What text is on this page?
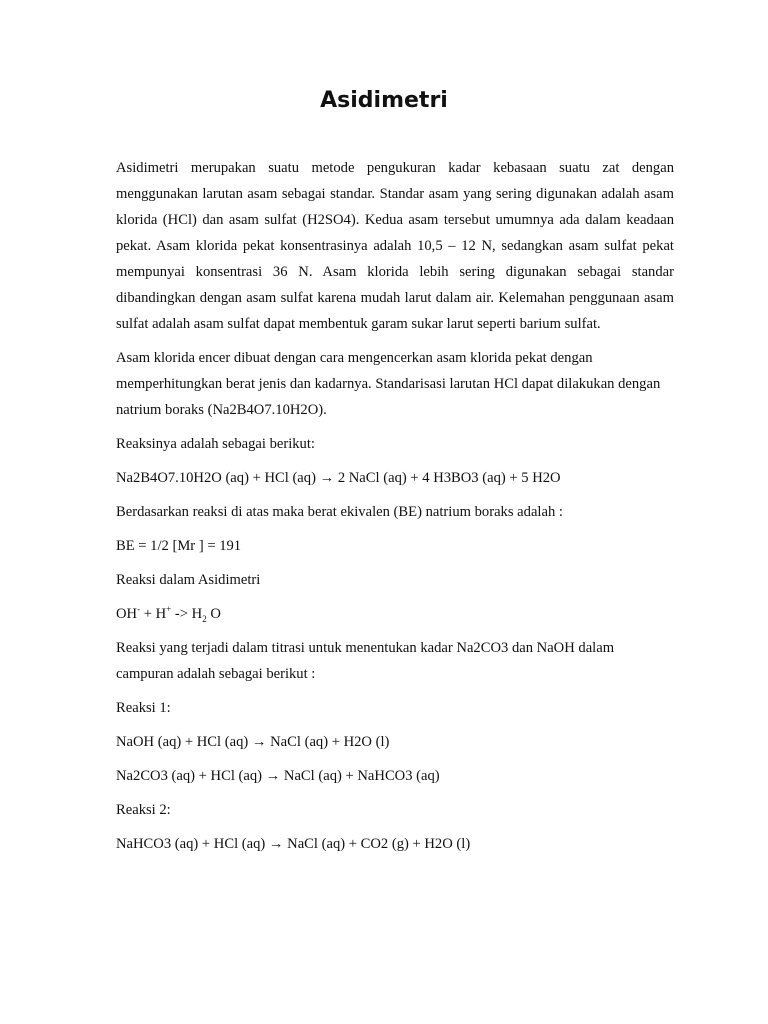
Asidimetri

Asidimetri merupakan suatu metode pengukuran kadar kebasaan suatu zat dengan menggunakan larutan asam sebagai standar. Standar asam yang sering digunakan adalah asam klorida (HCl) dan asam sulfat (H2SO4). Kedua asam tersebut umumnya ada dalam keadaan pekat. Asam klorida pekat konsentrasinya adalah 10,5 – 12 N, sedangkan asam sulfat pekat mempunyai konsentrasi 36 N. Asam klorida lebih sering digunakan sebagai standar dibandingkan dengan asam sulfat karena mudah larut dalam air. Kelemahan penggunaan asam sulfat adalah asam sulfat dapat membentuk garam sukar larut seperti barium sulfat.

Asam klorida encer dibuat dengan cara mengencerkan asam klorida pekat dengan memperhitungkan berat jenis dan kadarnya. Standarisasi larutan HCl dapat dilakukan dengan natrium boraks (Na2B4O7.10H2O).

Reaksinya adalah sebagai berikut:

Na2B4O7.10H2O (aq) + HCl (aq) → 2 NaCl (aq) + 4 H3BO3 (aq) + 5 H2O

Berdasarkan reaksi di atas maka berat ekivalen (BE) natrium boraks adalah :

BE = 1/2 [Mr ] = 191

Reaksi dalam Asidimetri

$OH^- + H^+ -> H_2$ O

Reaksi yang terjadi dalam titrasi untuk menentukan kadar Na2CO3 dan NaOH dalam campuran adalah sebagai berikut :

Reaksi 1:

NaOH (aq) + HCl (aq) → NaCl (aq) + H2O (l)

Na2CO3 (aq) + HCl (aq) → NaCl (aq) + NaHCO3 (aq)

Reaksi 2:

NaHCO3 (aq) + HCl (aq) → NaCl (aq) + CO2 (g) + H2O (l)
